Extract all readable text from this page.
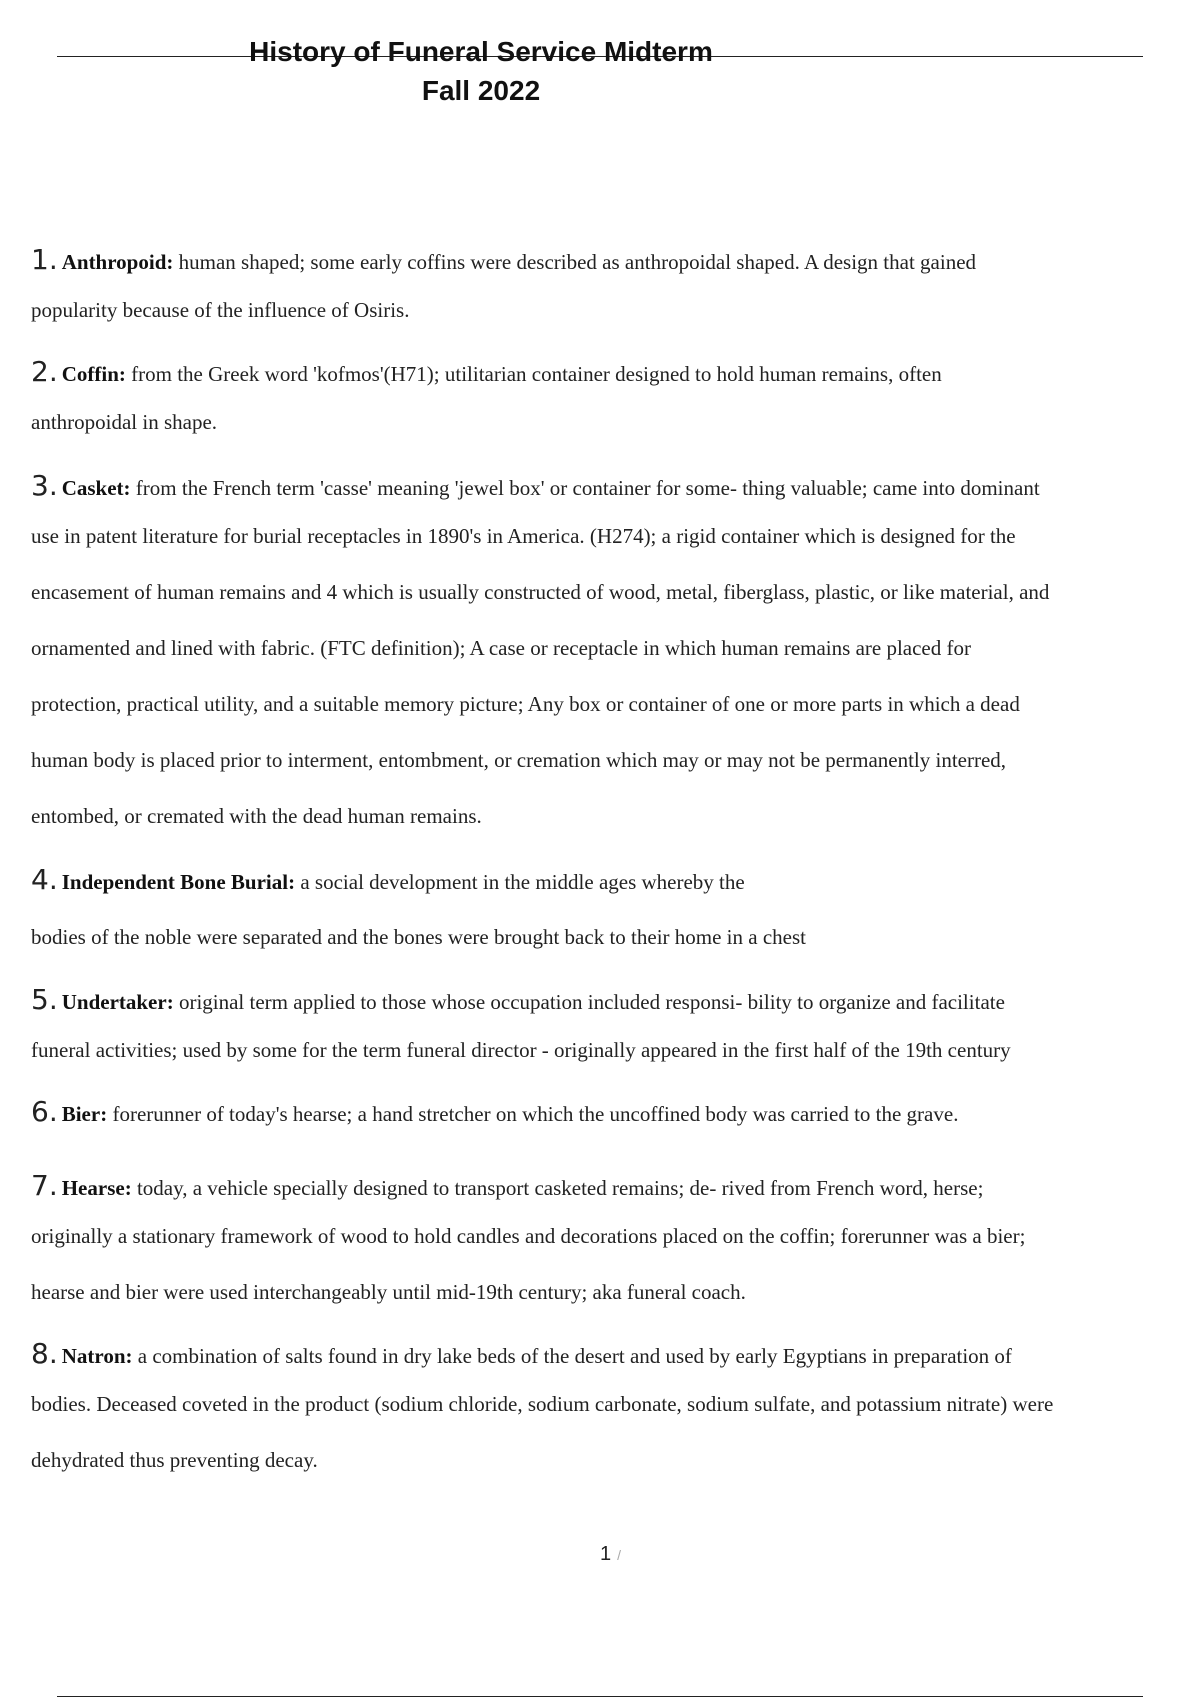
History of Funeral Service Midterm
Fall 2022
1. Anthropoid: human shaped; some early coffins were described as anthropoidal shaped. A design that gained
popularity because of the influence of Osiris.
2. Coffin: from the Greek word 'kofmos'(H71); utilitarian container designed to hold human remains, often
anthropoidal in shape.
3. Casket: from the French term 'casse' meaning 'jewel box' or container for some- thing valuable; came into dominant
use in patent literature for burial receptacles in 1890's in America. (H274); a rigid container which is designed for the
encasement of human remains and 4 which is usually constructed of wood, metal, fiberglass, plastic, or like material, and
ornamented and lined with fabric. (FTC definition); A case or receptacle in which human remains are placed for
protection, practical utility, and a suitable memory picture; Any box or container of one or more parts in which a dead
human body is placed prior to interment, entombment, or cremation which may or may not be permanently interred,
entombed, or cremated with the dead human remains.
4. Independent Bone Burial: a social development in the middle ages whereby the
bodies of the noble were separated and the bones were brought back to their home in a chest
5. Undertaker: original term applied to those whose occupation included responsi- bility to organize and facilitate
funeral activities; used by some for the term funeral director - originally appeared in the first half of the 19th century
6. Bier: forerunner of today's hearse; a hand stretcher on which the uncoffined body was carried to the grave.
7. Hearse: today, a vehicle specially designed to transport casketed remains; de- rived from French word, herse;
originally a stationary framework of wood to hold candles and decorations placed on the coffin; forerunner was a bier;
hearse and bier were used interchangeably until mid-19th century; aka funeral coach.
8. Natron: a combination of salts found in dry lake beds of the desert and used by early Egyptians in preparation of
bodies. Deceased coveted in the product (sodium chloride, sodium carbonate, sodium sulfate, and potassium nitrate) were
dehydrated thus preventing decay.
1 /
